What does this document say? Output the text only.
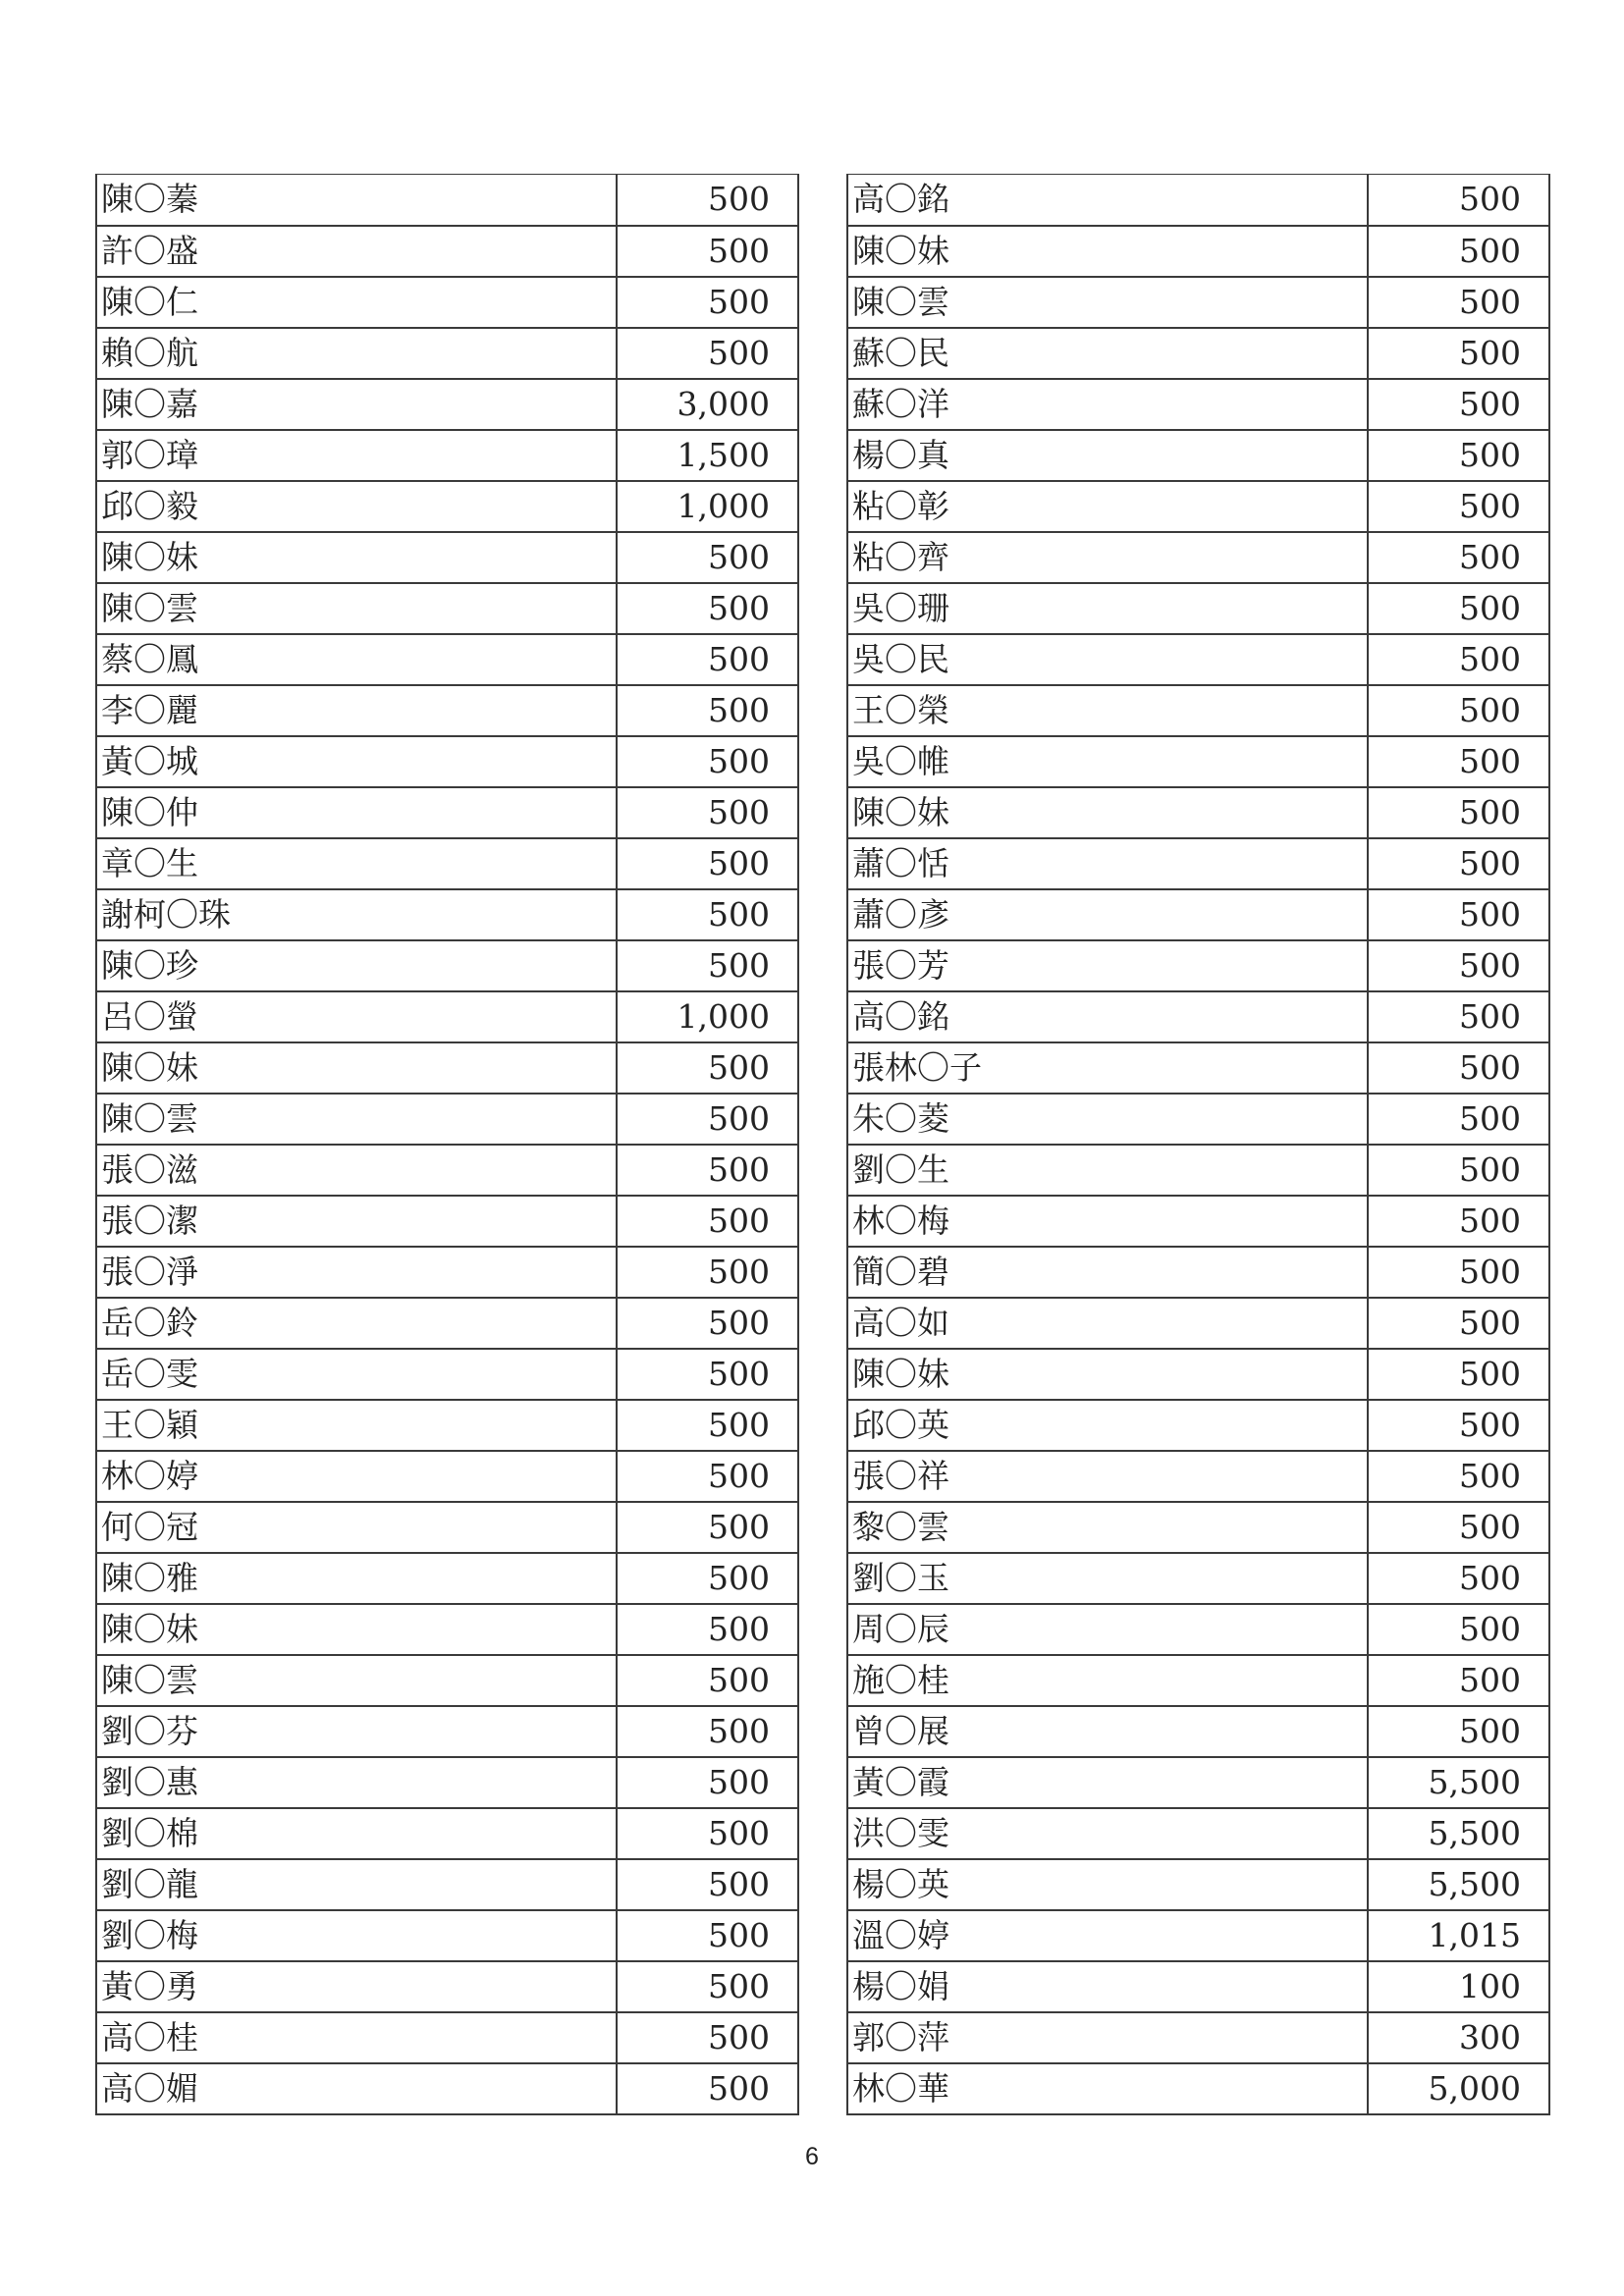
陳〇蓁	500
許〇盛	500
陳〇仁	500
賴〇航	500
陳〇嘉	3,000
郭〇璋	1,500
邱〇毅	1,000
陳〇妹	500
陳〇雲	500
蔡〇鳳	500
李〇麗	500
黃〇城	500
陳〇仲	500
章〇生	500
謝柯〇珠	500
陳〇珍	500
呂〇螢	1,000
陳〇妹	500
陳〇雲	500
張〇滋	500
張〇潔	500
張〇淨	500
岳〇鈴	500
岳〇雯	500
王〇穎	500
林〇婷	500
何〇冠	500
陳〇雅	500
陳〇妹	500
陳〇雲	500
劉〇芬	500
劉〇惠	500
劉〇棉	500
劉〇龍	500
劉〇梅	500
黃〇勇	500
高〇桂	500
高〇媚	500
高〇銘	500
陳〇妹	500
陳〇雲	500
蘇〇民	500
蘇〇洋	500
楊〇真	500
粘〇彰	500
粘〇齊	500
吳〇珊	500
吳〇民	500
王〇榮	500
吳〇帷	500
陳〇妹	500
蕭〇恬	500
蕭〇彥	500
張〇芳	500
高〇銘	500
張林〇子	500
朱〇菱	500
劉〇生	500
林〇梅	500
簡〇碧	500
高〇如	500
陳〇妹	500
邱〇英	500
張〇祥	500
黎〇雲	500
劉〇玉	500
周〇辰	500
施〇桂	500
曾〇展	500
黃〇霞	5,500
洪〇雯	5,500
楊〇英	5,500
溫〇婷	1,015
楊〇娟	100
郭〇萍	300
林〇華	5,000
6
